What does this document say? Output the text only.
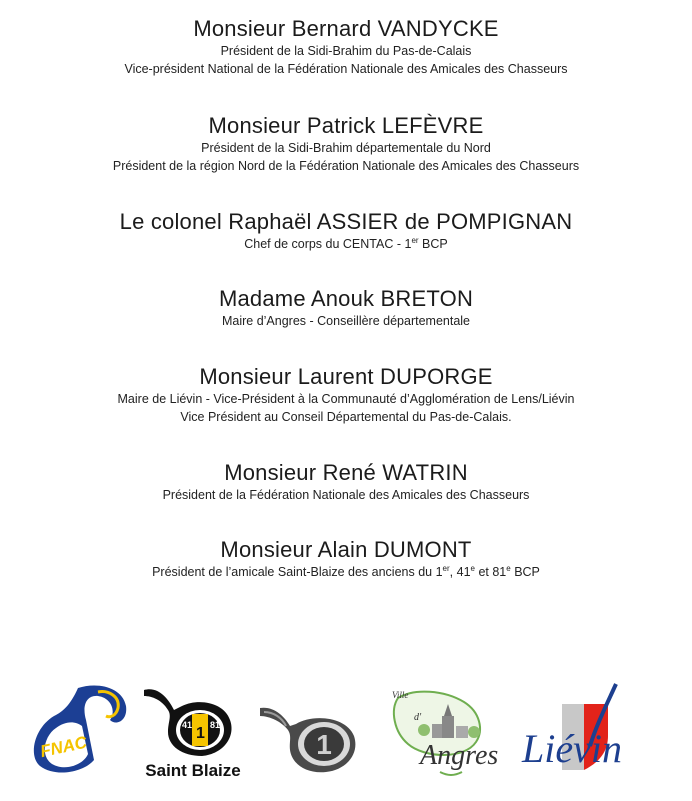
Monsieur Bernard VANDYCKE
Président de la Sidi-Brahim du Pas-de-Calais
Vice-président National de la Fédération Nationale des Amicales des Chasseurs
Monsieur Patrick LEFÈVRE
Président de la Sidi-Brahim départementale du Nord
Président de la région Nord de la Fédération Nationale des Amicales des Chasseurs
Le colonel Raphaël ASSIER de POMPIGNAN
Chef de corps du CENTAC - 1er BCP
Madame Anouk BRETON
Maire d’Angres - Conseillère départementale
Monsieur Laurent DUPORGE
Maire de Liévin - Vice-Président à la Communauté d’Agglomération de Lens/Liévin
Vice Président au Conseil Départemental du Pas-de-Calais.
Monsieur René WATRIN
Président de la Fédération Nationale des Amicales des Chasseurs
Monsieur Alain DUMONT
Président de l’amicale Saint-Blaize des anciens du 1er, 41e et 81e BCP
FNAC
41 1 81
Saint Blaize
1
Ville
d'
Angres Liévin
